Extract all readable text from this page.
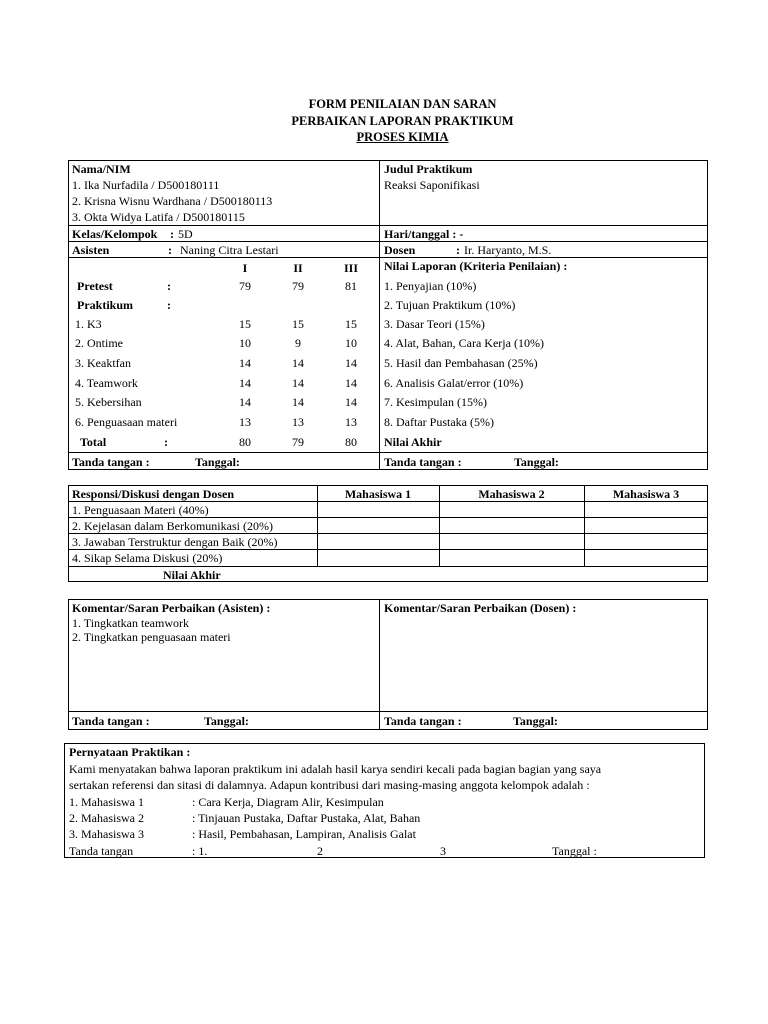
FORM PENILAIAN DAN SARAN
PERBAIKAN LAPORAN PRAKTIKUM
PROSES KIMIA
Nama/NIM
1. Ika Nurfadila / D500180111
2. Krisna Wisnu Wardhana / D500180113
3. Okta Widya Latifa / D500180115
Judul Praktikum
Reaksi Saponifikasi
Kelas/Kelompok : 5D	Hari/tanggal : -
Asisten	: Naning Citra Lestari	Dosen	: Ir. Haryanto, M.S.
I	II	III
Pretest	:	79	79	81
Praktikum	:
1. K3	15	15	15
2. Ontime	10	9	10
3. Keaktfan	14	14	14
4. Teamwork	14	14	14
5. Kebersihan	14	14	14
6. Penguasaan materi	13	13	13
Total	:	80	79	80
Nilai Laporan (Kriteria Penilaian) :
1. Penyajian (10%)
2. Tujuan Praktikum (10%)
3. Dasar Teori (15%)
4. Alat, Bahan, Cara Kerja (10%)
5. Hasil dan Pembahasan (25%)
6. Analisis Galat/error (10%)
7. Kesimpulan (15%)
8. Daftar Pustaka (5%)
Nilai Akhir
Tanda tangan :	Tanggal:	Tanda tangan :	Tanggal:
Responsi/Diskusi dengan Dosen	Mahasiswa 1	Mahasiswa 2	Mahasiswa 3
1. Penguasaan Materi (40%)
2. Kejelasan dalam Berkomunikasi (20%)
3. Jawaban Terstruktur dengan Baik (20%)
4. Sikap Selama Diskusi (20%)
Nilai Akhir
Komentar/Saran Perbaikan (Asisten) :
1. Tingkatkan teamwork
2. Tingkatkan penguasaan materi
Komentar/Saran Perbaikan (Dosen) :
Tanda tangan :	Tanggal:	Tanda tangan :	Tanggal:
Pernyataan Praktikan :
Kami menyatakan bahwa laporan praktikum ini adalah hasil karya sendiri kecali pada bagian bagian yang saya
sertakan referensi dan sitasi di dalamnya. Adapun kontribusi dari masing-masing anggota kelompok adalah :
1. Mahasiswa 1	: Cara Kerja, Diagram Alir, Kesimpulan
2. Mahasiswa 2	: Tinjauan Pustaka, Daftar Pustaka, Alat, Bahan
3. Mahasiswa 3	: Hasil, Pembahasan, Lampiran, Analisis Galat
Tanda tangan	: 1.	2	3	Tanggal :
